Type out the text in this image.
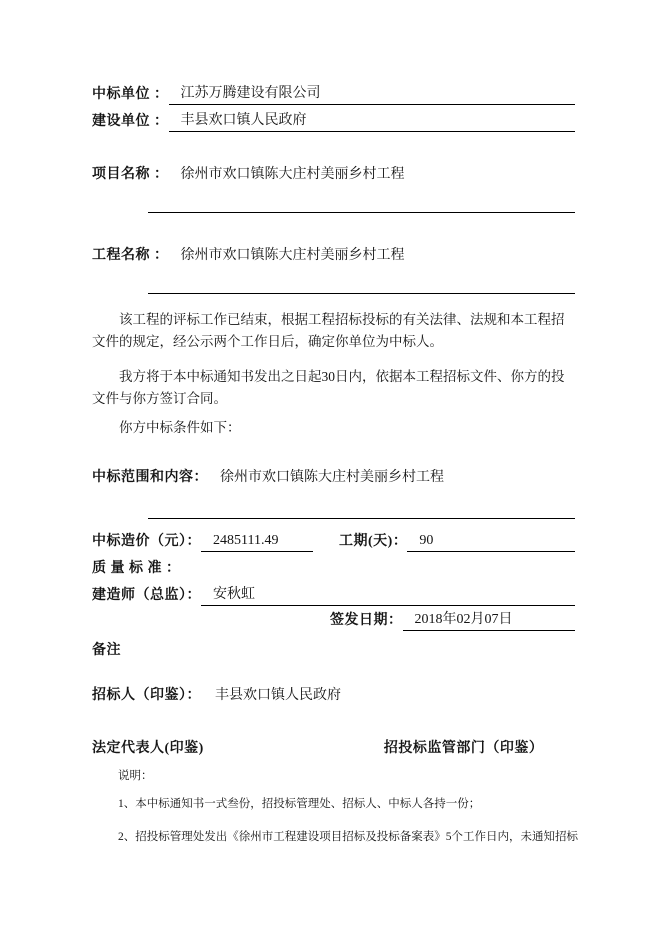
中标单位 ： 江苏万腾建设有限公司
建设单位 ： 丰县欢口镇人民政府
项目名称 ： 徐州市欢口镇陈大庄村美丽乡村工程
工程名称 ： 徐州市欢口镇陈大庄村美丽乡村工程
该工程的评标工作已结束，根据工程招标投标的有关法律、法规和本工程招
文件的规定，经公示两个工作日后，确定你单位为中标人。
我方将于本中标通知书发出之日起30日内，依据本工程招标文件、你方的投
文件与你方签订合同。
你方中标条件如下：
中标范围和内容： 徐州市欢口镇陈大庄村美丽乡村工程
中标造价（元）： 2485111.49	工期(天)： 90
质 量 标 准 ：
建造师（总监）： 安秋虹
签发日期： 2018年02月07日
备注
招标人（印鉴）：	丰县欢口镇人民政府
法定代表人(印鉴)	招投标监管部门（印鉴）
说明：
1、本中标通知书一式叁份，招投标管理处、招标人、中标人各持一份；
2、招投标管理处发出《徐州市工程建设项目招标及投标备案表》5个工作日内，未通知招标
